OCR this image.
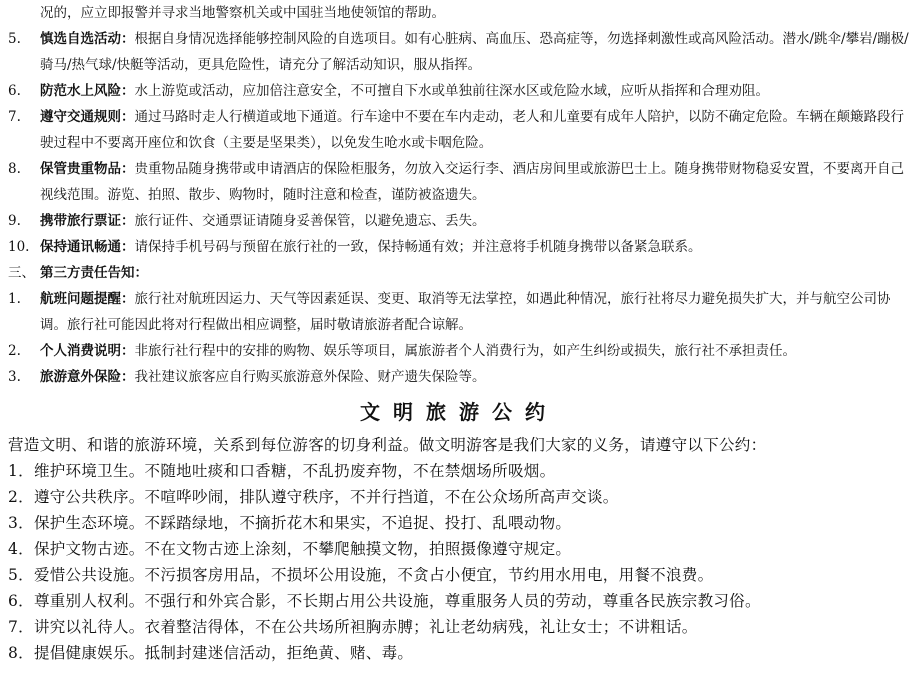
况的，应立即报警并寻求当地警察机关或中国驻当地使领馆的帮助。
5.	慎选自选活动：根据自身情况选择能够控制风险的自选项目。如有心脏病、高血压、恐高症等，勿选择刺激性或高风险活动。潜水/跳伞/攀岩/蹦极/骑马/热气球/快艇等活动，更具危险性，请充分了解活动知识，服从指挥。
6.	防范水上风险：水上游览或活动，应加倍注意安全，不可擅自下水或单独前往深水区或危险水域，应听从指挥和合理劝阻。
7.	遵守交通规则：通过马路时走人行横道或地下通道。行车途中不要在车内走动，老人和儿童要有成年人陪护，以防不确定危险。车辆在颠簸路段行驶过程中不要离开座位和饮食（主要是坚果类），以免发生呛水或卡咽危险。
8.	保管贵重物品：贵重物品随身携带或申请酒店的保险柜服务，勿放入交运行李、酒店房间里或旅游巴士上。随身携带财物稳妥安置，不要离开自己视线范围。游览、拍照、散步、购物时，随时注意和检查，谨防被盗遗失。
9.	携带旅行票证：旅行证件、交通票证请随身妥善保管，以避免遗忘、丢失。
10. 保持通讯畅通：请保持手机号码与预留在旅行社的一致，保持畅通有效；并注意将手机随身携带以备紧急联系。
三、 第三方责任告知：
1.	航班问题提醒：旅行社对航班因运力、天气等因素延误、变更、取消等无法掌控，如遇此种情况，旅行社将尽力避免损失扩大，并与航空公司协调。旅行社可能因此将对行程做出相应调整，届时敬请旅游者配合谅解。
2.	个人消费说明：非旅行社行程中的安排的购物、娱乐等项目，属旅游者个人消费行为，如产生纠纷或损失，旅行社不承担责任。
3.	旅游意外保险：我社建议旅客应自行购买旅游意外保险、财产遗失保险等。
文明旅游公约
营造文明、和谐的旅游环境，关系到每位游客的切身利益。做文明游客是我们大家的义务，请遵守以下公约：
1．维护环境卫生。不随地吐痰和口香糖，不乱扔废弃物，不在禁烟场所吸烟。
2．遵守公共秩序。不喧哗吵闹，排队遵守秩序，不并行挡道，不在公众场所高声交谈。
3．保护生态环境。不踩踏绿地，不摘折花木和果实，不追捉、投打、乱喂动物。
4．保护文物古迹。不在文物古迹上涂刻，不攀爬触摸文物，拍照摄像遵守规定。
5．爱惜公共设施。不污损客房用品，不损坏公用设施，不贪占小便宜，节约用水用电，用餐不浪费。
6．尊重别人权利。不强行和外宾合影，不长期占用公共设施，尊重服务人员的劳动，尊重各民族宗教习俗。
7．讲究以礼待人。衣着整洁得体，不在公共场所袒胸赤膊；礼让老幼病残，礼让女士；不讲粗话。
8．提倡健康娱乐。抵制封建迷信活动，拒绝黄、赌、毒。
